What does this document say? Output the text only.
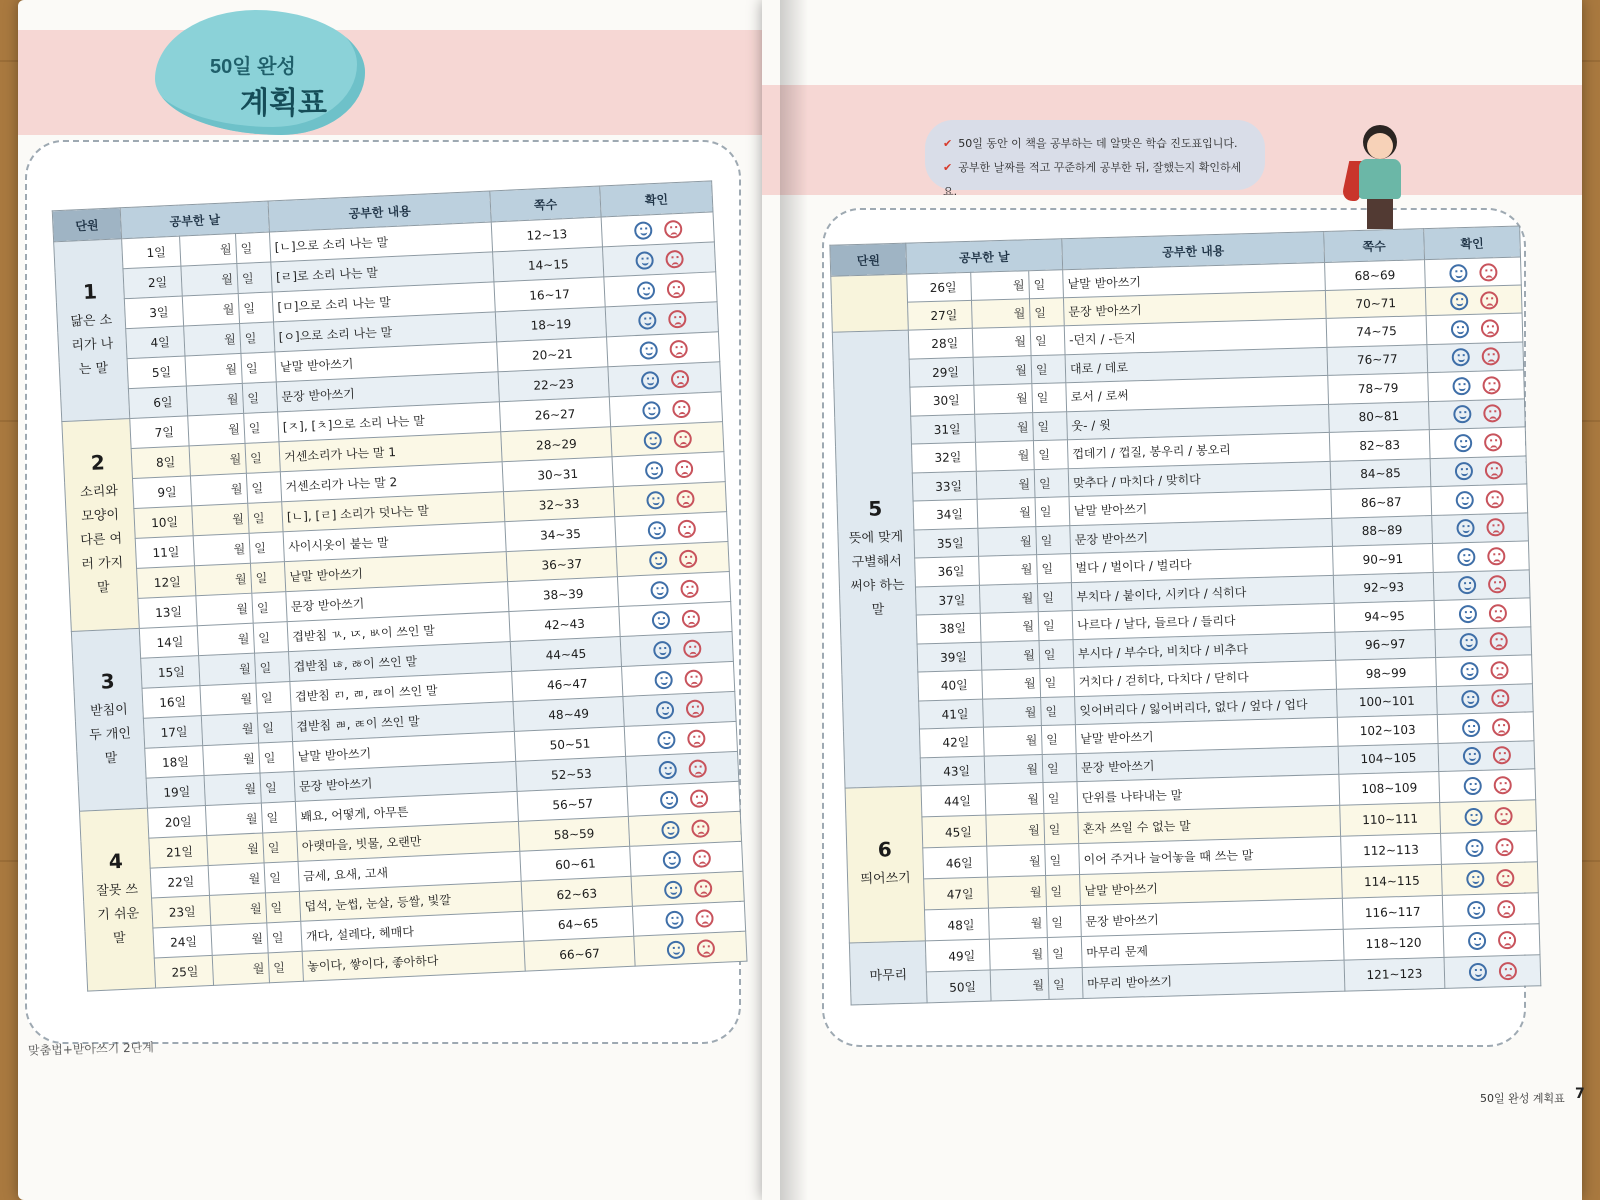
50일 완성
계획표
✔ 50일 동안 이 책을 공부하는 데 알맞은 학습 진도표입니다.
✔ 공부한 날짜를 적고 꾸준하게 공부한 뒤, 잘했는지 확인하세요.
단원	공부한 날			공부한 내용	쪽수	확인

1
닮은 소리가 나는 말	1일	월	일	[ㄴ]으로 소리 나는 말	12~13	
	2일	월	일	[ㄹ]로 소리 나는 말	14~15	
	3일	월	일	[ㅁ]으로 소리 나는 말	16~17	
	4일	월	일	[ㅇ]으로 소리 나는 말	18~19	
	5일	월	일	낱말 받아쓰기	20~21	
	6일	월	일	문장 받아쓰기	22~23	

2
소리와 모양이 다른 여러 가지 말	7일	월	일	[ㅈ], [ㅊ]으로 소리 나는 말	26~27	
	8일	월	일	거센소리가 나는 말 1	28~29	
	9일	월	일	거센소리가 나는 말 2	30~31	
	10일	월	일	[ㄴ], [ㄹ] 소리가 덧나는 말	32~33	
	11일	월	일	사이시옷이 붙는 말	34~35	
	12일	월	일	낱말 받아쓰기	36~37	
	13일	월	일	문장 받아쓰기	38~39	

3
받침이 두 개인 말	14일	월	일	겹받침 ㄳ, ㄵ, ㅄ이 쓰인 말	42~43	
	15일	월	일	겹받침 ㄶ, ㅀ이 쓰인 말	44~45	
	16일	월	일	겹받침 ㄺ, ㄻ, ㄿ이 쓰인 말	46~47	
	17일	월	일	겹받침 ㄼ, ㄾ이 쓰인 말	48~49	
	18일	월	일	낱말 받아쓰기	50~51	
	19일	월	일	문장 받아쓰기	52~53	

4
잘못 쓰기 쉬운 말	20일	월	일	봬요, 어떻게, 아무튼	56~57	
	21일	월	일	아랫마을, 빗물, 오랜만	58~59	
	22일	월	일	금세, 요새, 고새	60~61	
	23일	월	일	덥석, 눈썹, 눈살, 등쌀, 빛깔	62~63	
	24일	월	일	개다, 설레다, 헤매다	64~65	
	25일	월	일	놓이다, 쌓이다, 좋아하다	66~67	
단원	공부한 날			공부한 내용	쪽수	확인
	26일	월	일	낱말 받아쓰기	68~69	
	27일	월	일	문장 받아쓰기	70~71	

5
뜻에 맞게 구별해서 써야 하는 말	28일	월	일	-던지 / -든지	74~75	
	29일	월	일	대로 / 데로	76~77	
	30일	월	일	로서 / 로써	78~79	
	31일	월	일	웃- / 윗	80~81	
	32일	월	일	껍데기 / 껍질, 봉우리 / 봉오리	82~83	
	33일	월	일	맞추다 / 마치다 / 맞히다	84~85	
	34일	월	일	낱말 받아쓰기	86~87	
	35일	월	일	문장 받아쓰기	88~89	
	36일	월	일	벌다 / 벌이다 / 벌리다	90~91	
	37일	월	일	부치다 / 붙이다, 시키다 / 식히다	92~93	
	38일	월	일	나르다 / 날다, 들르다 / 들리다	94~95	
	39일	월	일	부시다 / 부수다, 비치다 / 비추다	96~97	
	40일	월	일	거치다 / 걷히다, 다치다 / 닫히다	98~99	
	41일	월	일	잊어버리다 / 잃어버리다, 없다 / 엎다 / 업다	100~101	
	42일	월	일	낱말 받아쓰기	102~103	
	43일	월	일	문장 받아쓰기	104~105	

6
띄어쓰기	44일	월	일	단위를 나타내는 말	108~109	
	45일	월	일	혼자 쓰일 수 없는 말	110~111	
	46일	월	일	이어 주거나 늘어놓을 때 쓰는 말	112~113	
	47일	월	일	낱말 받아쓰기	114~115	
	48일	월	일	문장 받아쓰기	116~117	

마무리	49일	월	일	마무리 문제	118~120	
	50일	월	일	마무리 받아쓰기	121~123	
맞춤법+받아쓰기 2단계
50일 완성 계획표 7
